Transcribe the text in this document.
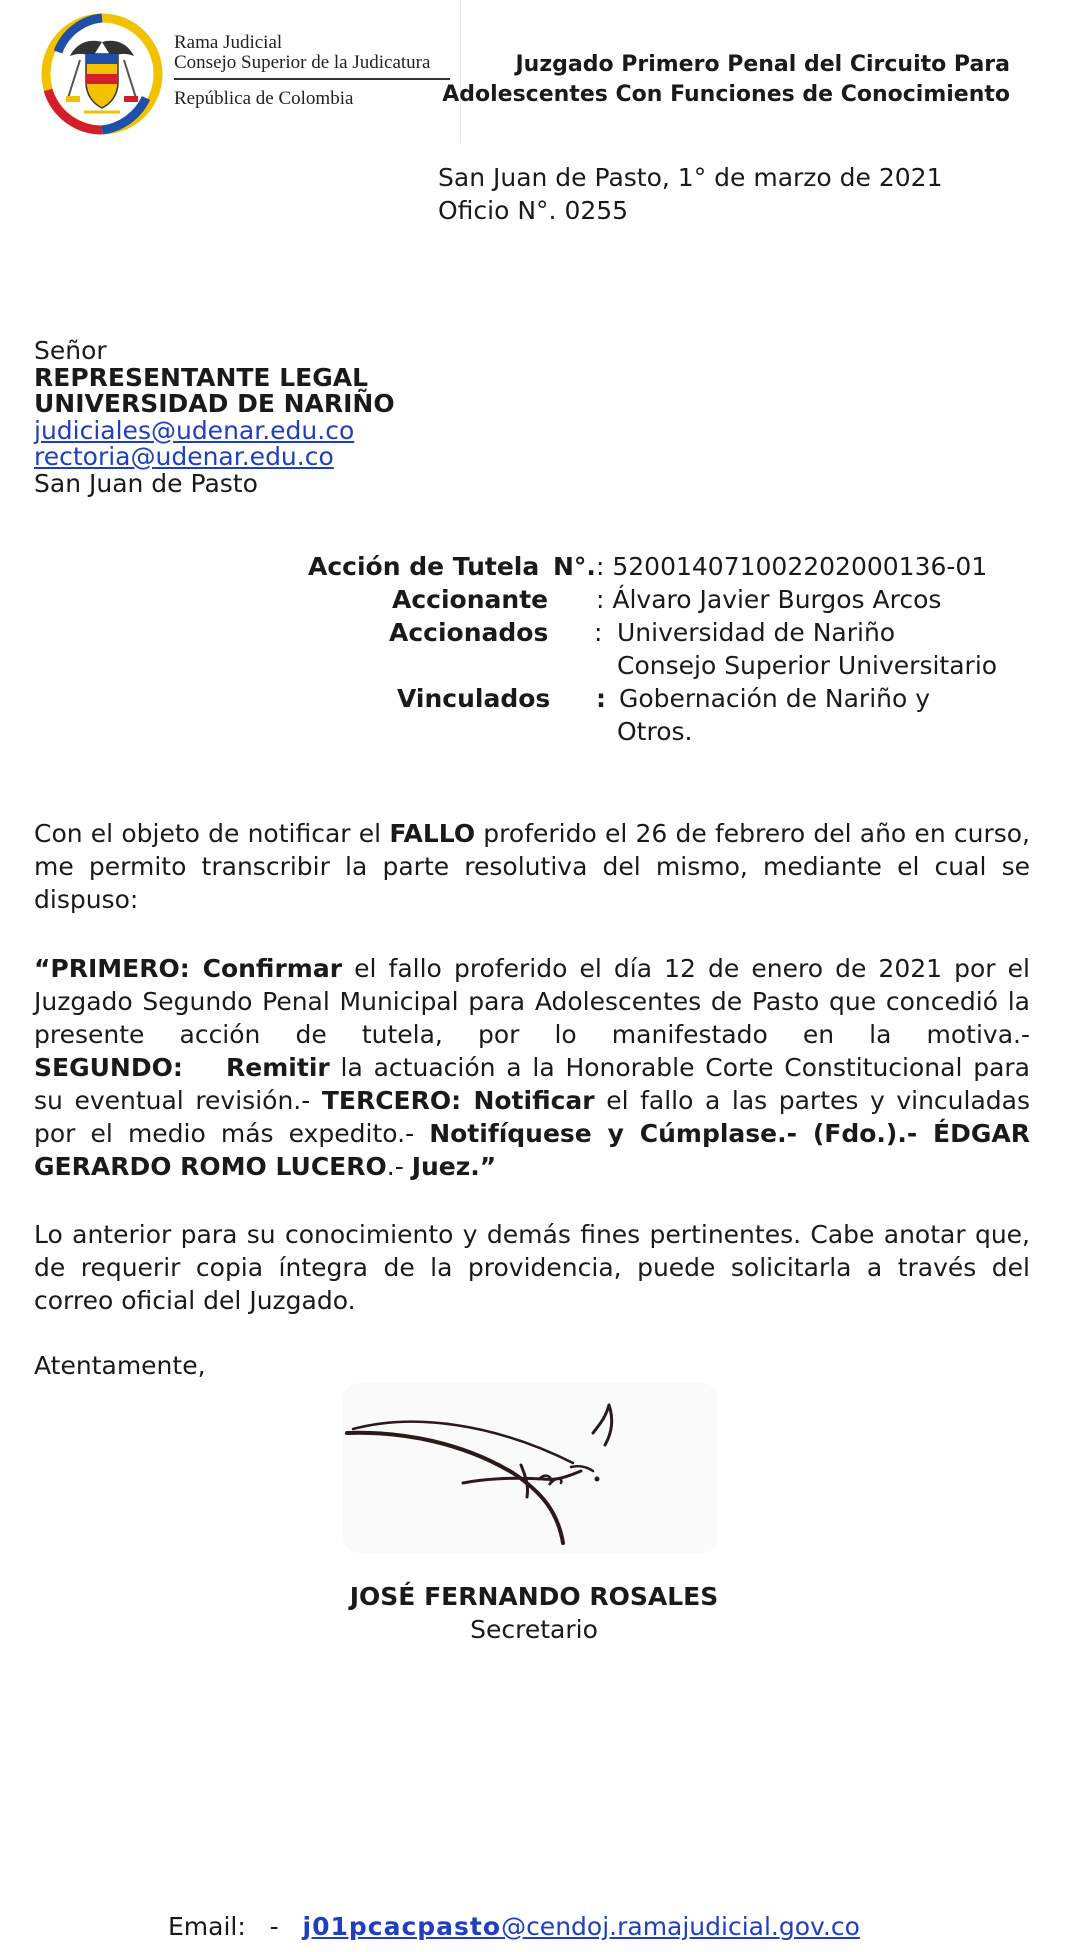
Rama Judicial
Consejo Superior de la Judicatura
República de Colombia
Juzgado Primero Penal del Circuito Para
Adolescentes Con Funciones de Conocimiento
San Juan de Pasto, 1° de marzo de 2021
Oficio N°. 0255
Señor
REPRESENTANTE LEGAL
UNIVERSIDAD DE NARIÑO
judiciales@udenar.edu.co
rectoria@udenar.edu.co
San Juan de Pasto
Acción de Tutela N°. : 52001407100220200013​6-01
Accionante : Álvaro Javier Burgos Arcos
Accionados : Universidad de Nariño
Consejo Superior Universitario
Vinculados : Gobernación de Nariño y
Otros.
Con el objeto de notificar el FALLO proferido el 26 de febrero del año en curso, me permito transcribir la parte resolutiva del mismo, mediante el cual se dispuso:
“PRIMERO: Confirmar el fallo proferido el día 12 de enero de 2021 por el Juzgado Segundo Penal Municipal para Adolescentes de Pasto que concedió la presente acción de tutela, por lo manifestado en la motiva.- SEGUNDO: Remitir la actuación a la Honorable Corte Constitucional para su eventual revisión.- TERCERO: Notificar el fallo a las partes y vinculadas por el medio más expedito.- Notifíquese y Cúmplase.- (Fdo.).- ÉDGAR GERARDO ROMO LUCERO.- Juez.”
Lo anterior para su conocimiento y demás fines pertinentes. Cabe anotar que, de requerir copia íntegra de la providencia, puede solicitarla a través del correo oficial del Juzgado.
Atentamente,
JOSÉ FERNANDO ROSALES
Secretario
Email: - j01pcacpasto@cendoj.ramajudicial.gov.co
